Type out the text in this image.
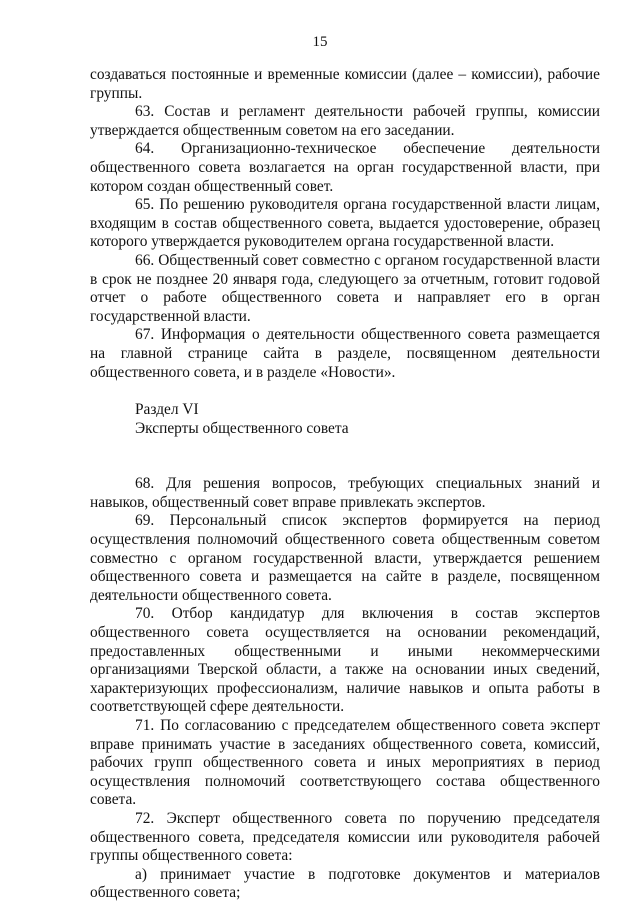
15

создаваться постоянные и временные комиссии (далее – комиссии), рабочие группы.

63. Состав и регламент деятельности рабочей группы, комиссии утверждается общественным советом на его заседании.

64. Организационно-техническое обеспечение деятельности общественного совета возлагается на орган государственной власти, при котором создан общественный совет.

65. По решению руководителя органа государственной власти лицам, входящим в состав общественного совета, выдается удостоверение, образец которого утверждается руководителем органа государственной власти.

66. Общественный совет совместно с органом государственной власти в срок не позднее 20 января года, следующего за отчетным, готовит годовой отчет о работе общественного совета и направляет его в орган государственной власти.

67. Информация о деятельности общественного совета размещается на главной странице сайта в разделе, посвященном деятельности общественного совета, и в разделе «Новости».

Раздел VI

Эксперты общественного совета

68. Для решения вопросов, требующих специальных знаний и навыков, общественный совет вправе привлекать экспертов.

69. Персональный список экспертов формируется на период осуществления полномочий общественного совета общественным советом совместно с органом государственной власти, утверждается решением общественного совета и размещается на сайте в разделе, посвященном деятельности общественного совета.

70. Отбор кандидатур для включения в состав экспертов общественного совета осуществляется на основании рекомендаций, предоставленных общественными и иными некоммерческими организациями Тверской области, а также на основании иных сведений, характеризующих профессионализм, наличие навыков и опыта работы в соответствующей сфере деятельности.

71. По согласованию с председателем общественного совета эксперт вправе принимать участие в заседаниях общественного совета, комиссий, рабочих групп общественного совета и иных мероприятиях в период осуществления полномочий соответствующего состава общественного совета.

72. Эксперт общественного совета по поручению председателя общественного совета, председателя комиссии или руководителя рабочей группы общественного совета:

а) принимает участие в подготовке документов и материалов общественного совета;
